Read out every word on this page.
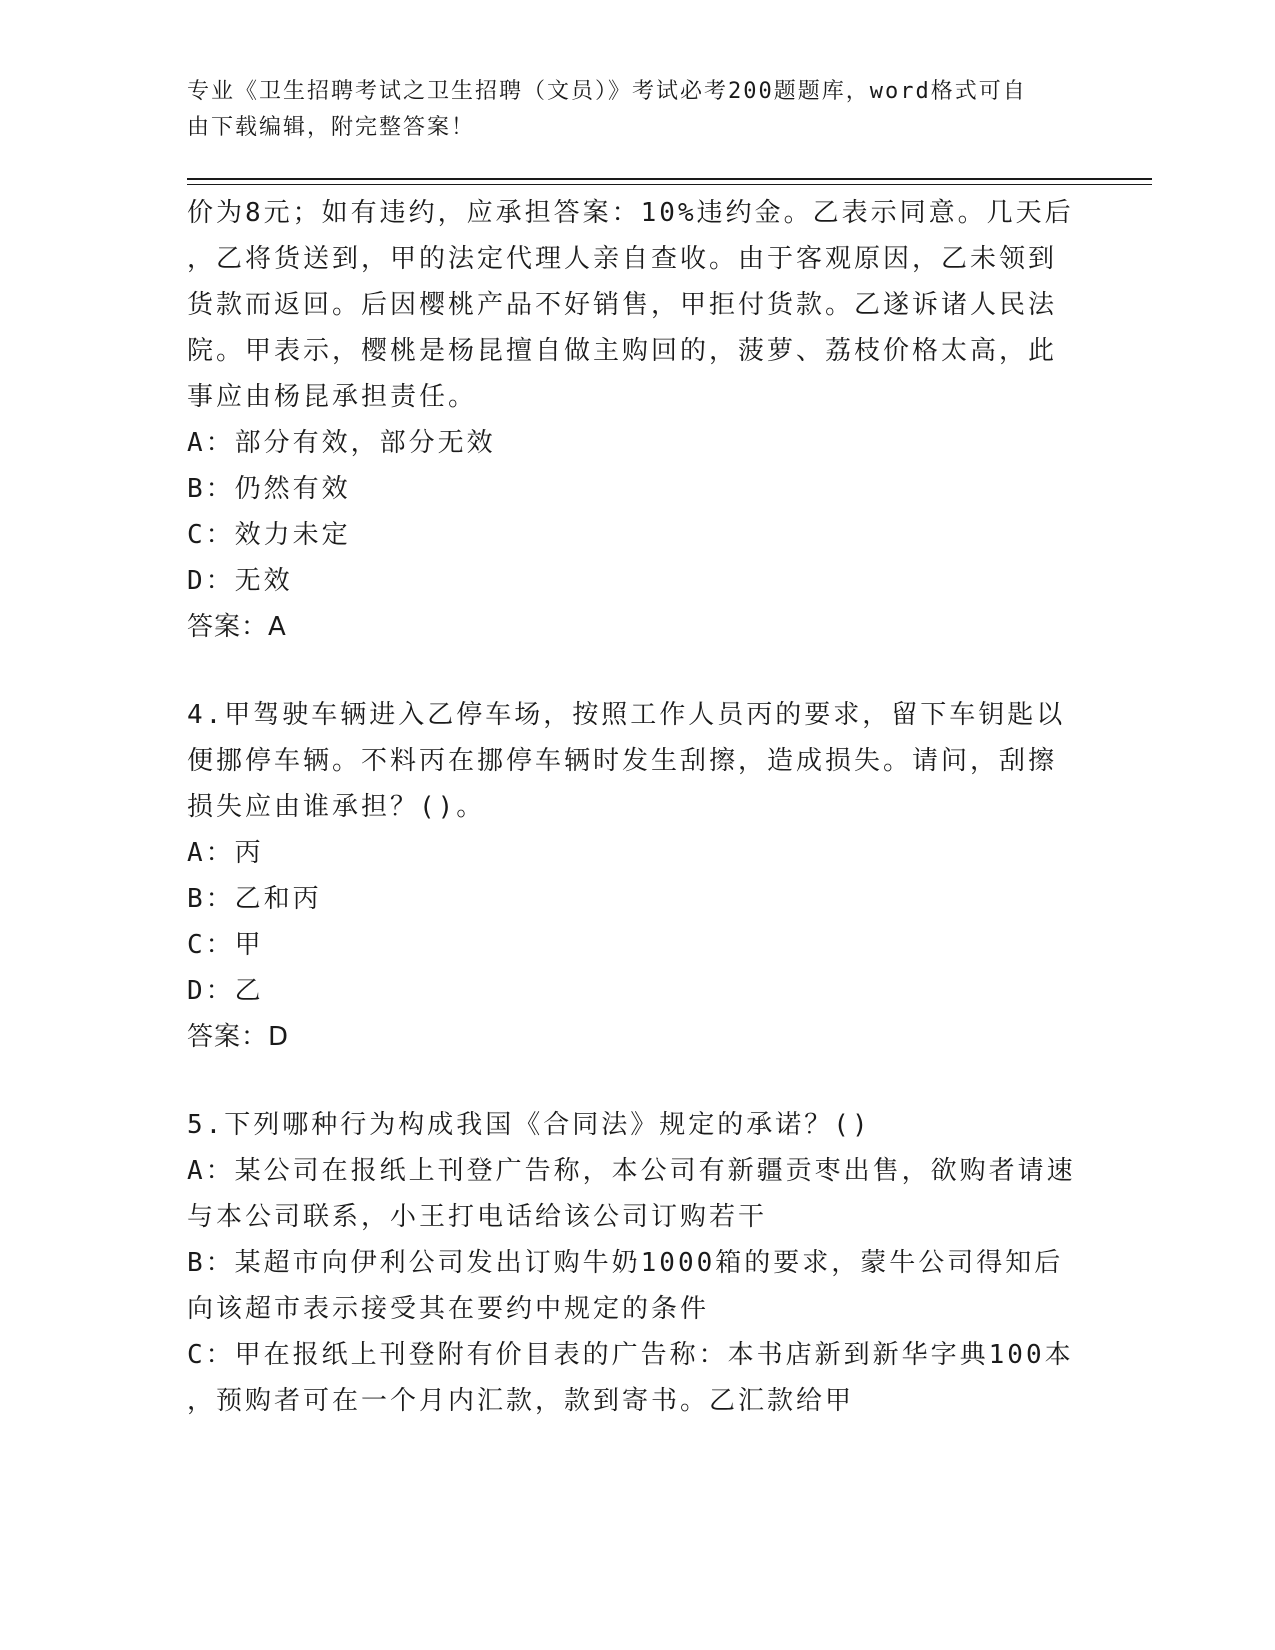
专业《卫生招聘考试之卫生招聘（文员）》考试必考200题题库，word格式可自
由下载编辑，附完整答案！
价为8元；如有违约，应承担答案：10%违约金。乙表示同意。几天后
，乙将货送到，甲的法定代理人亲自查收。由于客观原因，乙未领到
货款而返回。后因樱桃产品不好销售，甲拒付货款。乙遂诉诸人民法
院。甲表示，樱桃是杨昆擅自做主购回的，菠萝、荔枝价格太高，此
事应由杨昆承担责任。
A：部分有效，部分无效
B：仍然有效
C：效力未定
D：无效
答案：A
4.甲驾驶车辆进入乙停车场，按照工作人员丙的要求，留下车钥匙以
便挪停车辆。不料丙在挪停车辆时发生刮擦，造成损失。请问，刮擦
损失应由谁承担？()。
A：丙
B：乙和丙
C：甲
D：乙
答案：D
5.下列哪种行为构成我国《合同法》规定的承诺？()
A：某公司在报纸上刊登广告称，本公司有新疆贡枣出售，欲购者请速
与本公司联系，小王打电话给该公司订购若干
B：某超市向伊利公司发出订购牛奶1000箱的要求，蒙牛公司得知后
向该超市表示接受其在要约中规定的条件
C：甲在报纸上刊登附有价目表的广告称：本书店新到新华字典100本
，预购者可在一个月内汇款，款到寄书。乙汇款给甲
